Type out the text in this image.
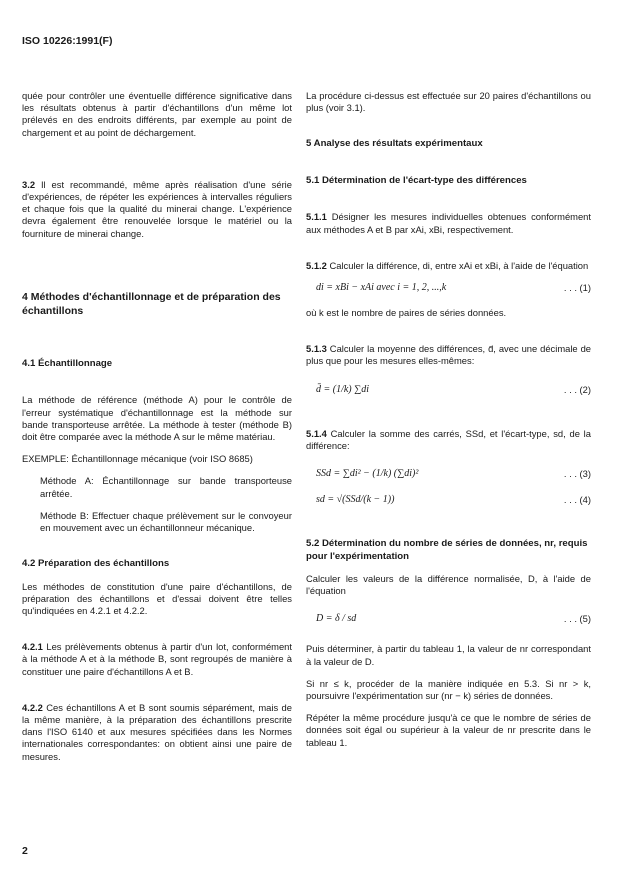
ISO 10226:1991(F)

quée pour contrôler une éventuelle différence significative dans les résultats obtenus à partir d'échantillons d'un même lot prélevés en des endroits différents, par exemple au point de chargement et au point de déchargement.

3.2 Il est recommandé, même après réalisation d'une série d'expériences, de répéter les expériences à intervalles réguliers et chaque fois que la qualité du minerai change. L'expérience devra également être renouvelée lorsque le matériel ou la fourniture de minerai change.

4 Méthodes d'échantillonnage et de préparation des échantillons
4.1 Échantillonnage

La méthode de référence (méthode A) pour le contrôle de l'erreur systématique d'échantillonnage est la méthode sur bande transporteuse arrêtée. La méthode à tester (méthode B) doit être comparée avec la méthode A sur le même matériau.

EXEMPLE: Échantillonnage mécanique (voir ISO 8685)

Méthode A: Échantillonnage sur bande transporteuse arrêtée.

Méthode B: Effectuer chaque prélèvement sur le convoyeur en mouvement avec un échantillonneur mécanique.

4.2 Préparation des échantillons

Les méthodes de constitution d'une paire d'échantillons, de préparation des échantillons et d'essai doivent être telles qu'indiquées en 4.2.1 et 4.2.2.

4.2.1 Les prélèvements obtenus à partir d'un lot, conformément à la méthode A et à la méthode B, sont regroupés de manière à constituer une paire d'échantillons A et B.

4.2.2 Ces échantillons A et B sont soumis séparément, mais de la même manière, à la préparation des échantillons prescrite dans l'ISO 6140 et aux mesures spécifiées dans les Normes internationales correspondantes: on obtient ainsi une paire de mesures.

La procédure ci-dessus est effectuée sur 20 paires d'échantillons ou plus (voir 3.1).

5 Analyse des résultats expérimentaux
5.1 Détermination de l'écart-type des différences

5.1.1 Désigner les mesures individuelles obtenues conformément aux méthodes A et B par xAi, xBi, respectivement.

5.1.2 Calculer la différence, di, entre xAi et xBi, à l'aide de l'équation

di = xBi − xAi avec i = 1, 2, ...,k	. . . (1)

où k est le nombre de paires de séries données.

5.1.3 Calculer la moyenne des différences, d̄, avec une décimale de plus que pour les mesures elles-mêmes:

d̄ = (1/k) ∑di	. . . (2)

5.1.4 Calculer la somme des carrés, SSd, et l'écart-type, sd, de la différence:

SSd = ∑di² − (1/k) (∑di)²	. . . (3)
sd = √(SSd/(k − 1))	. . . (4)
5.2 Détermination du nombre de séries de données, nr, requis pour l'expérimentation

Calculer les valeurs de la différence normalisée, D, à l'aide de l'équation

D = δ / sd	. . . (5)

Puis déterminer, à partir du tableau 1, la valeur de nr correspondant à la valeur de D.

Si nr ≤ k, procéder de la manière indiquée en 5.3. Si nr > k, poursuivre l'expérimentation sur (nr − k) séries de données.

Répéter la même procédure jusqu'à ce que le nombre de séries de données soit égal ou supérieur à la valeur de nr prescrite dans le tableau 1.

2
